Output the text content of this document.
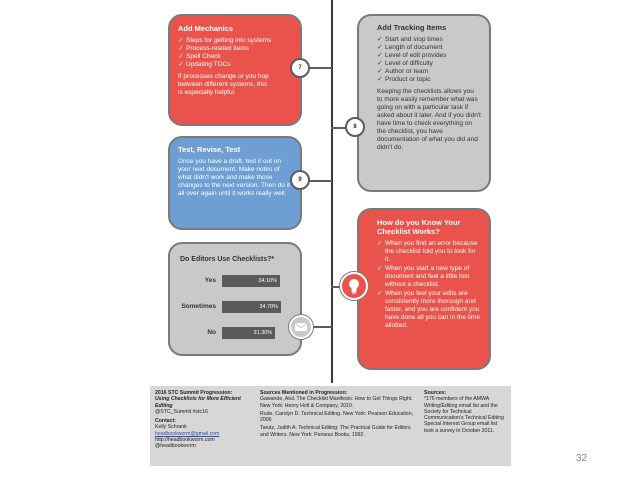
Add Mechanics
✓ Steps for getting into systems
✓ Process-related items
✓ Spell Check
✓ Updating TOCs

If processes change or you hop between different systems, this is especially helpful.

7
Add Tracking Items
✓ Start and stop times
✓ Length of document
✓ Level of edit provides
✓ Level of difficulty
✓ Author or team
✓ Product or topic

Keeping the checklists allows you to more easily remember what was going on with a particular task if asked about it later. And if you didn't have time to check everything on the checklist, you have documentation of what you did and didn't do.

8
Test, Revise, Test

Once you have a draft, test it out on your next document. Make notes of what didn't work and make those changes to the next version. Then do it all over again until it works really well.

9
How do you Know Your Checklist Works?
✓ When you find an error because the checklist told you to look for it.
✓ When you start a new type of document and feel a little lost without a checklist.
✓ When you feel your edits are consistently more thorough and faster, and you are confident you have done all you can in the time allotted.
Do Editors Use Checklists?*
Yes	34.10%
Sometimes	34.70%
No	31.30%
2016 STC Summit Progression:
Using Checklists for More Efficient Editing
@STC_Summit #stc16
Contact:
Kelly Schrank
headbookworm@gmail.com
http://headbookworm.com
@headbookworm
Sources Mentioned in Progression:
Gawande, Atul. The Checklist Manifesto: How to Get Things Right. New York: Henry Holt & Company, 2010.
Rude, Carolyn D. Technical Editing. New York: Pearson Education, 2006
Tarutz, Judith A. Technical Editing: The Practical Guide for Editors and Writers. New York: Perseus Books, 1992.
Sources:
*176 members of the AMWA Writing/Editing email list and the Society for Technical Communication's Technical Editing Special Interest Group email list took a survey in October 2011.
32
